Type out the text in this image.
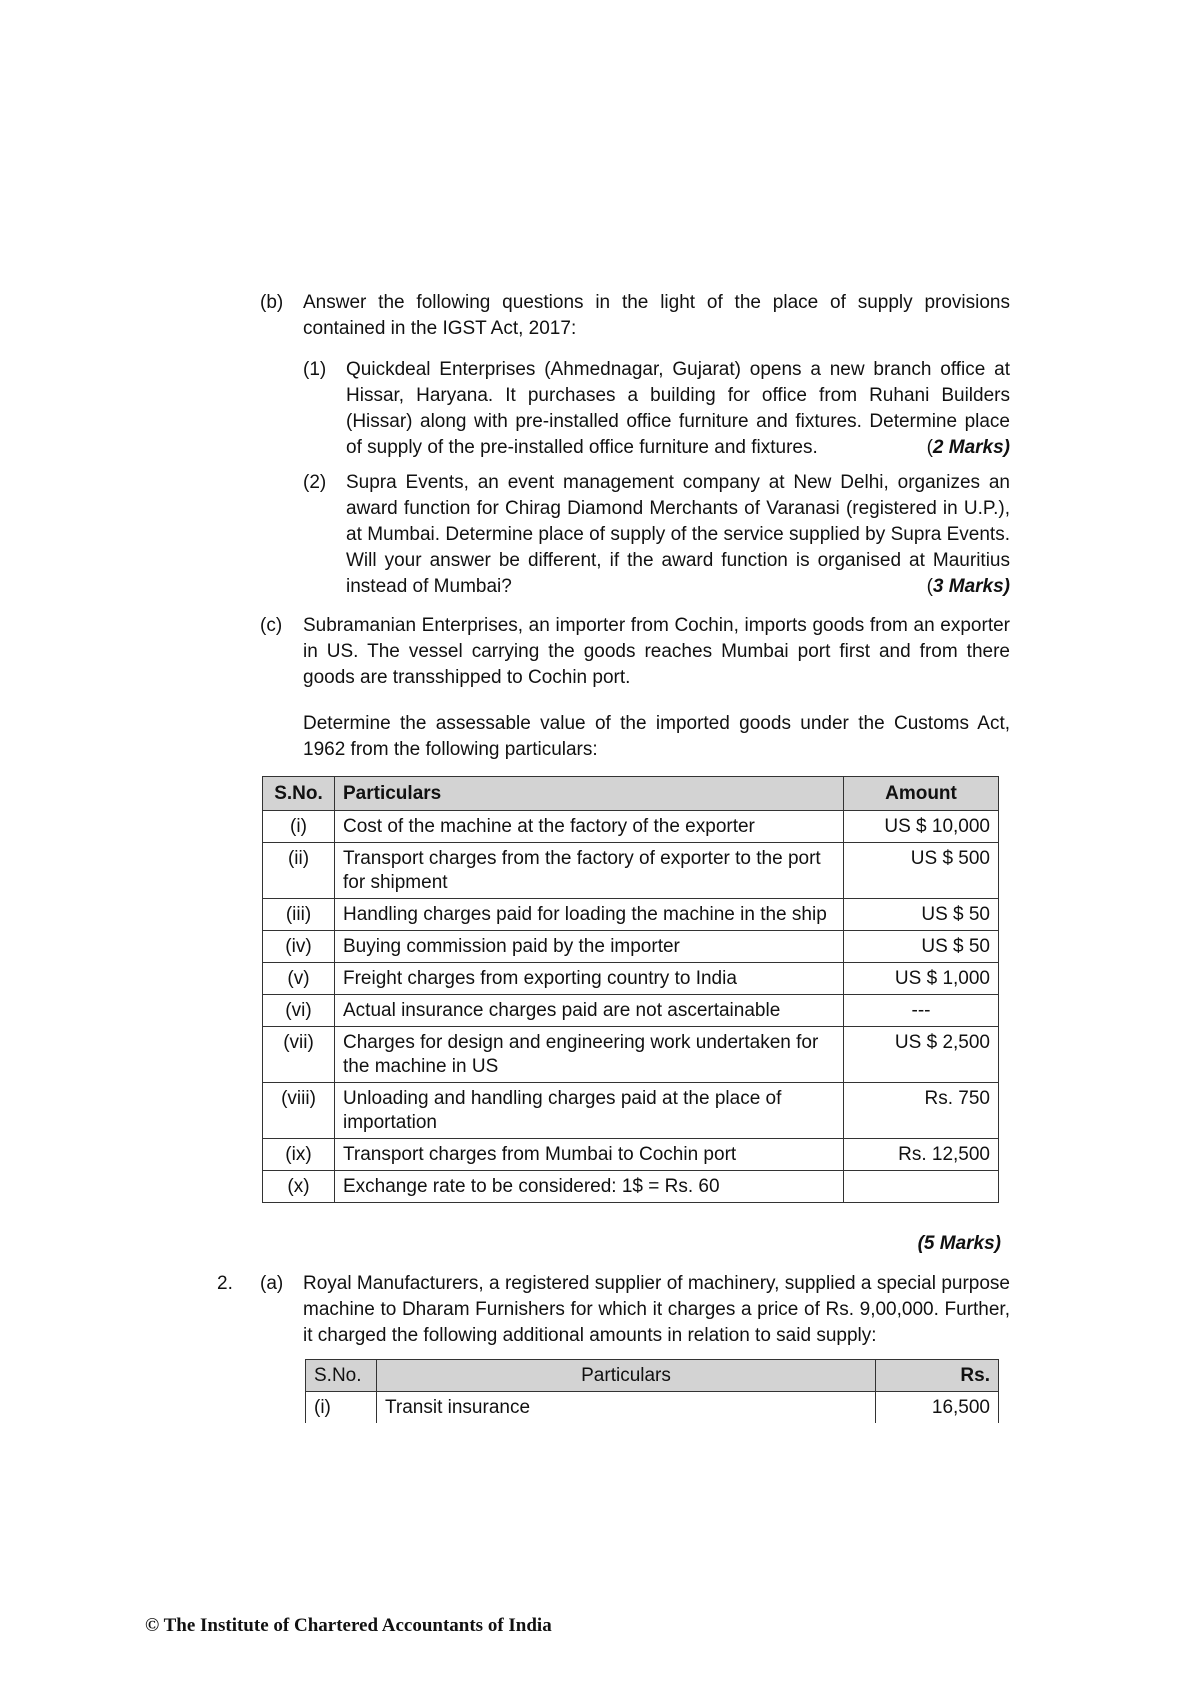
(b) Answer the following questions in the light of the place of supply provisions contained in the IGST Act, 2017:
(1) Quickdeal Enterprises (Ahmednagar, Gujarat) opens a new branch office at Hissar, Haryana. It purchases a building for office from Ruhani Builders (Hissar) along with pre-installed office furniture and fixtures. Determine place of supply of the pre-installed office furniture and fixtures.	(2 Marks)
(2) Supra Events, an event management company at New Delhi, organizes an award function for Chirag Diamond Merchants of Varanasi (registered in U.P.), at Mumbai. Determine place of supply of the service supplied by Supra Events. Will your answer be different, if the award function is organised at Mauritius instead of Mumbai?	(3 Marks)
(c) Subramanian Enterprises, an importer from Cochin, imports goods from an exporter in US. The vessel carrying the goods reaches Mumbai port first and from there goods are transshipped to Cochin port.
Determine the assessable value of the imported goods under the Customs Act, 1962 from the following particulars:
S.No.	Particulars	Amount
(i)	Cost of the machine at the factory of the exporter	US $ 10,000
(ii)	Transport charges from the factory of exporter to the port for shipment	US $ 500
(iii)	Handling charges paid for loading the machine in the ship	US $ 50
(iv)	Buying commission paid by the importer	US $ 50
(v)	Freight charges from exporting country to India	US $ 1,000
(vi)	Actual insurance charges paid are not ascertainable	---
(vii)	Charges for design and engineering work undertaken for the machine in US	US $ 2,500
(viii)	Unloading and handling charges paid at the place of importation	Rs. 750
(ix)	Transport charges from Mumbai to Cochin port	Rs. 12,500
(x)	Exchange rate to be considered: 1$ = Rs. 60	
(5 Marks)
2. (a) Royal Manufacturers, a registered supplier of machinery, supplied a special purpose machine to Dharam Furnishers for which it charges a price of Rs. 9,00,000. Further, it charged the following additional amounts in relation to said supply:
S.No.	Particulars	Rs.
(i)	Transit insurance	16,500
© The Institute of Chartered Accountants of India
